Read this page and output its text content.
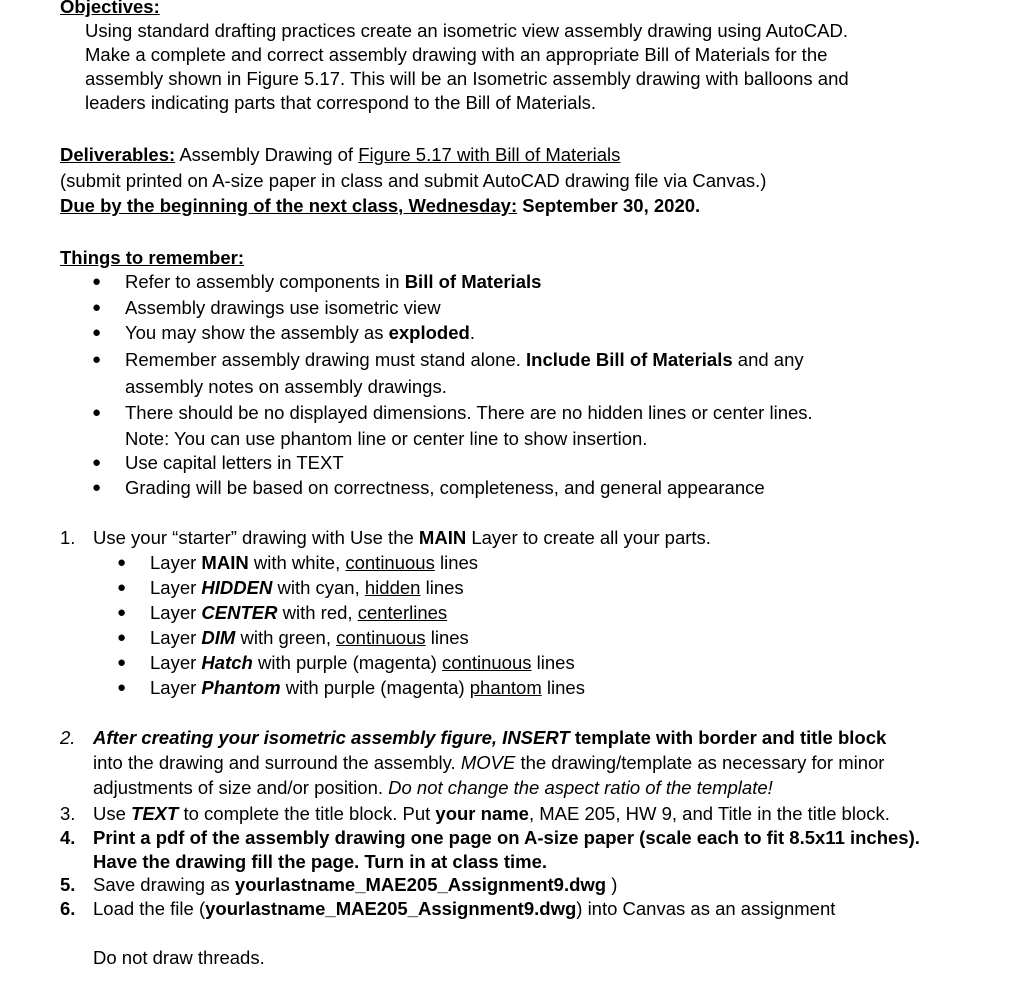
Objectives:
Using standard drafting practices create an isometric view assembly drawing using AutoCAD.
Make a complete and correct assembly drawing with an appropriate Bill of Materials for the
assembly shown in Figure 5.17. This will be an Isometric assembly drawing with balloons and
leaders indicating parts that correspond to the Bill of Materials.
Deliverables: Assembly Drawing of Figure 5.17 with Bill of Materials
(submit printed on A-size paper in class and submit AutoCAD drawing file via Canvas.)
Due by the beginning of the next class, Wednesday: September 30, 2020.
Things to remember:
● Refer to assembly components in Bill of Materials
● Assembly drawings use isometric view
● You may show the assembly as exploded.
● Remember assembly drawing must stand alone. Include Bill of Materials and any
assembly notes on assembly drawings.
● There should be no displayed dimensions. There are no hidden lines or center lines.
Note: You can use phantom line or center line to show insertion.
● Use capital letters in TEXT
● Grading will be based on correctness, completeness, and general appearance
1. Use your “starter” drawing with Use the MAIN Layer to create all your parts.
● Layer MAIN with white, continuous lines
● Layer HIDDEN with cyan, hidden lines
● Layer CENTER with red, centerlines
● Layer DIM with green, continuous lines
● Layer Hatch with purple (magenta) continuous lines
● Layer Phantom with purple (magenta) phantom lines
2. After creating your isometric assembly figure, INSERT template with border and title block
into the drawing and surround the assembly. MOVE the drawing/template as necessary for minor
adjustments of size and/or position. Do not change the aspect ratio of the template!
3. Use TEXT to complete the title block. Put your name, MAE 205, HW 9, and Title in the title block.
4. Print a pdf of the assembly drawing one page on A-size paper (scale each to fit 8.5x11 inches).
Have the drawing fill the page. Turn in at class time.
5. Save drawing as yourlastname_MAE205_Assignment9.dwg )
6. Load the file (yourlastname_MAE205_Assignment9.dwg) into Canvas as an assignment
Do not draw threads.
